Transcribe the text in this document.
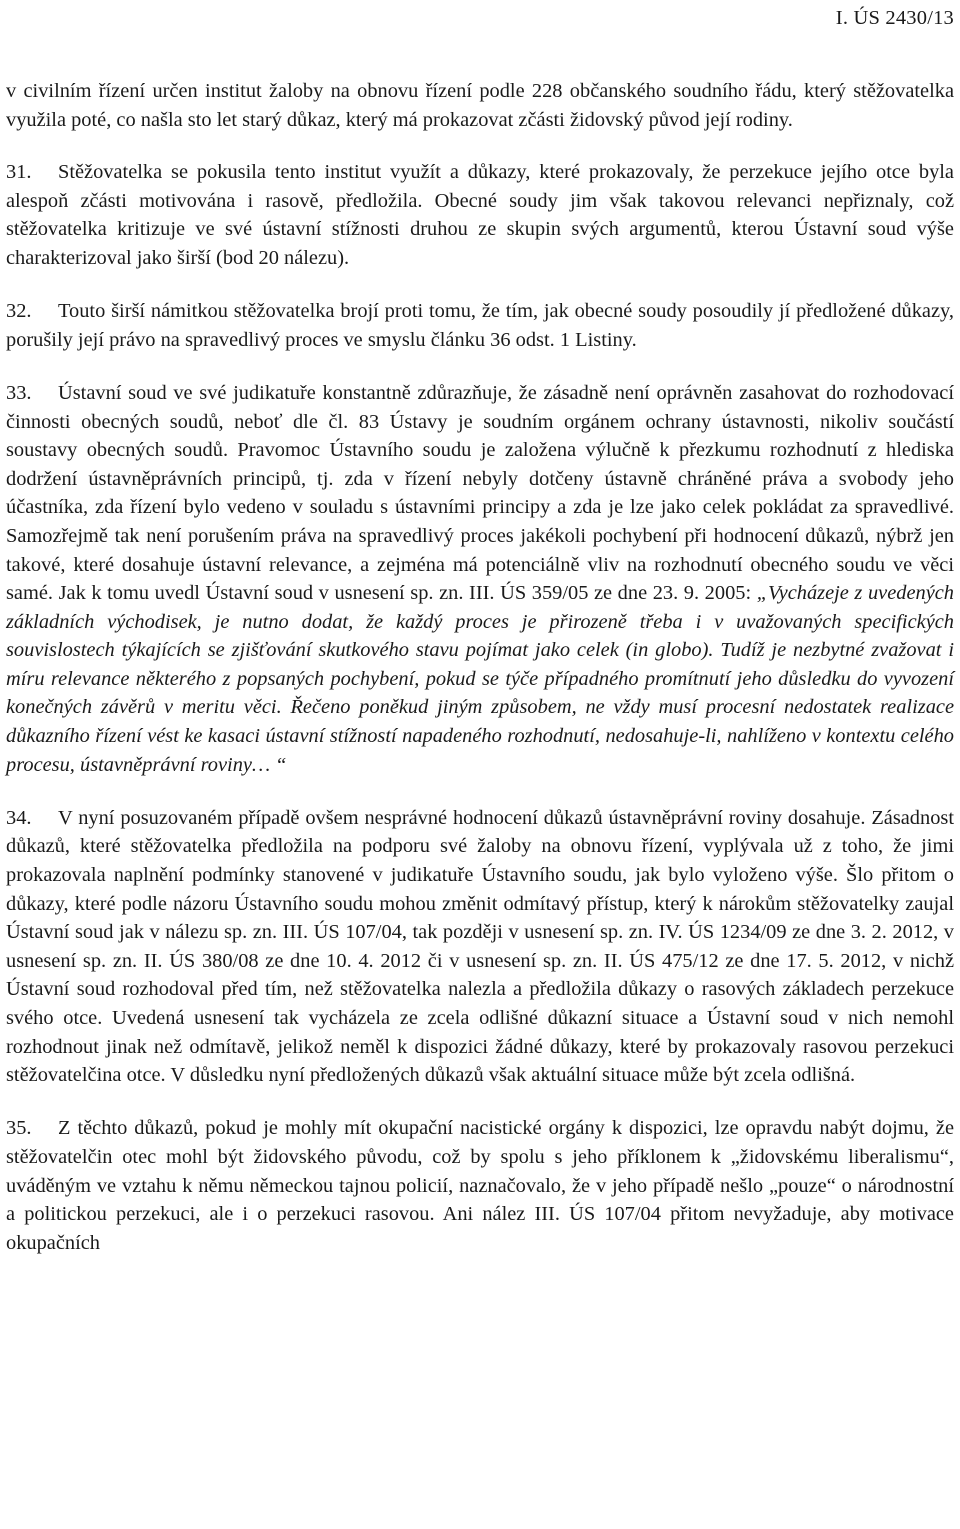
I. ÚS 2430/13

v civilním řízení určen institut žaloby na obnovu řízení podle 228 občanského soudního řádu, který stěžovatelka využila poté, co našla sto let starý důkaz, který má prokazovat zčásti židovský původ její rodiny.

31. Stěžovatelka se pokusila tento institut využít a důkazy, které prokazovaly, že perzekuce jejího otce byla alespoň zčásti motivována i rasově, předložila. Obecné soudy jim však takovou relevanci nepřiznaly, což stěžovatelka kritizuje ve své ústavní stížnosti druhou ze skupin svých argumentů, kterou Ústavní soud výše charakterizoval jako širší (bod 20 nálezu).

32. Touto širší námitkou stěžovatelka brojí proti tomu, že tím, jak obecné soudy posoudily jí předložené důkazy, porušily její právo na spravedlivý proces ve smyslu článku 36 odst. 1 Listiny.

33. Ústavní soud ve své judikatuře konstantně zdůrazňuje, že zásadně není oprávněn zasahovat do rozhodovací činnosti obecných soudů, neboť dle čl. 83 Ústavy je soudním orgánem ochrany ústavnosti, nikoliv součástí soustavy obecných soudů. Pravomoc Ústavního soudu je založena výlučně k přezkumu rozhodnutí z hlediska dodržení ústavněprávních principů, tj. zda v řízení nebyly dotčeny ústavně chráněné práva a svobody jeho účastníka, zda řízení bylo vedeno v souladu s ústavními principy a zda je lze jako celek pokládat za spravedlivé. Samozřejmě tak není porušením práva na spravedlivý proces jakékoli pochybení při hodnocení důkazů, nýbrž jen takové, které dosahuje ústavní relevance, a zejména má potenciálně vliv na rozhodnutí obecného soudu ve věci samé. Jak k tomu uvedl Ústavní soud v usnesení sp. zn. III. ÚS 359/05 ze dne 23. 9. 2005: „Vycházeje z uvedených základních východisek, je nutno dodat, že každý proces je přirozeně třeba i v uvažovaných specifických souvislostech týkajících se zjišťování skutkového stavu pojímat jako celek (in globo). Tudíž je nezbytné zvažovat i míru relevance některého z popsaných pochybení, pokud se týče případného promítnutí jeho důsledku do vyvození konečných závěrů v meritu věci. Řečeno poněkud jiným způsobem, ne vždy musí procesní nedostatek realizace důkazního řízení vést ke kasaci ústavní stížností napadeného rozhodnutí, nedosahuje-li, nahlíženo v kontextu celého procesu, ústavněprávní roviny… “

34. V nyní posuzovaném případě ovšem nesprávné hodnocení důkazů ústavněprávní roviny dosahuje. Zásadnost důkazů, které stěžovatelka předložila na podporu své žaloby na obnovu řízení, vyplývala už z toho, že jimi prokazovala naplnění podmínky stanovené v judikatuře Ústavního soudu, jak bylo vyloženo výše. Šlo přitom o důkazy, které podle názoru Ústavního soudu mohou změnit odmítavý přístup, který k nárokům stěžovatelky zaujal Ústavní soud jak v nálezu sp. zn. III. ÚS 107/04, tak později v usnesení sp. zn. IV. ÚS 1234/09 ze dne 3. 2. 2012, v usnesení sp. zn. II. ÚS 380/08 ze dne 10. 4. 2012 či v usnesení sp. zn. II. ÚS 475/12 ze dne 17. 5. 2012, v nichž Ústavní soud rozhodoval před tím, než stěžovatelka nalezla a předložila důkazy o rasových základech perzekuce svého otce. Uvedená usnesení tak vycházela ze zcela odlišné důkazní situace a Ústavní soud v nich nemohl rozhodnout jinak než odmítavě, jelikož neměl k dispozici žádné důkazy, které by prokazovaly rasovou perzekuci stěžovatelčina otce. V důsledku nyní předložených důkazů však aktuální situace může být zcela odlišná.

35. Z těchto důkazů, pokud je mohly mít okupační nacistické orgány k dispozici, lze opravdu nabýt dojmu, že stěžovatelčin otec mohl být židovského původu, což by spolu s jeho příklonem k „židovskému liberalismu“, uváděným ve vztahu k němu německou tajnou policií, naznačovalo, že v jeho případě nešlo „pouze“ o národnostní a politickou perzekuci, ale i o perzekuci rasovou. Ani nález III. ÚS 107/04 přitom nevyžaduje, aby motivace okupačních
